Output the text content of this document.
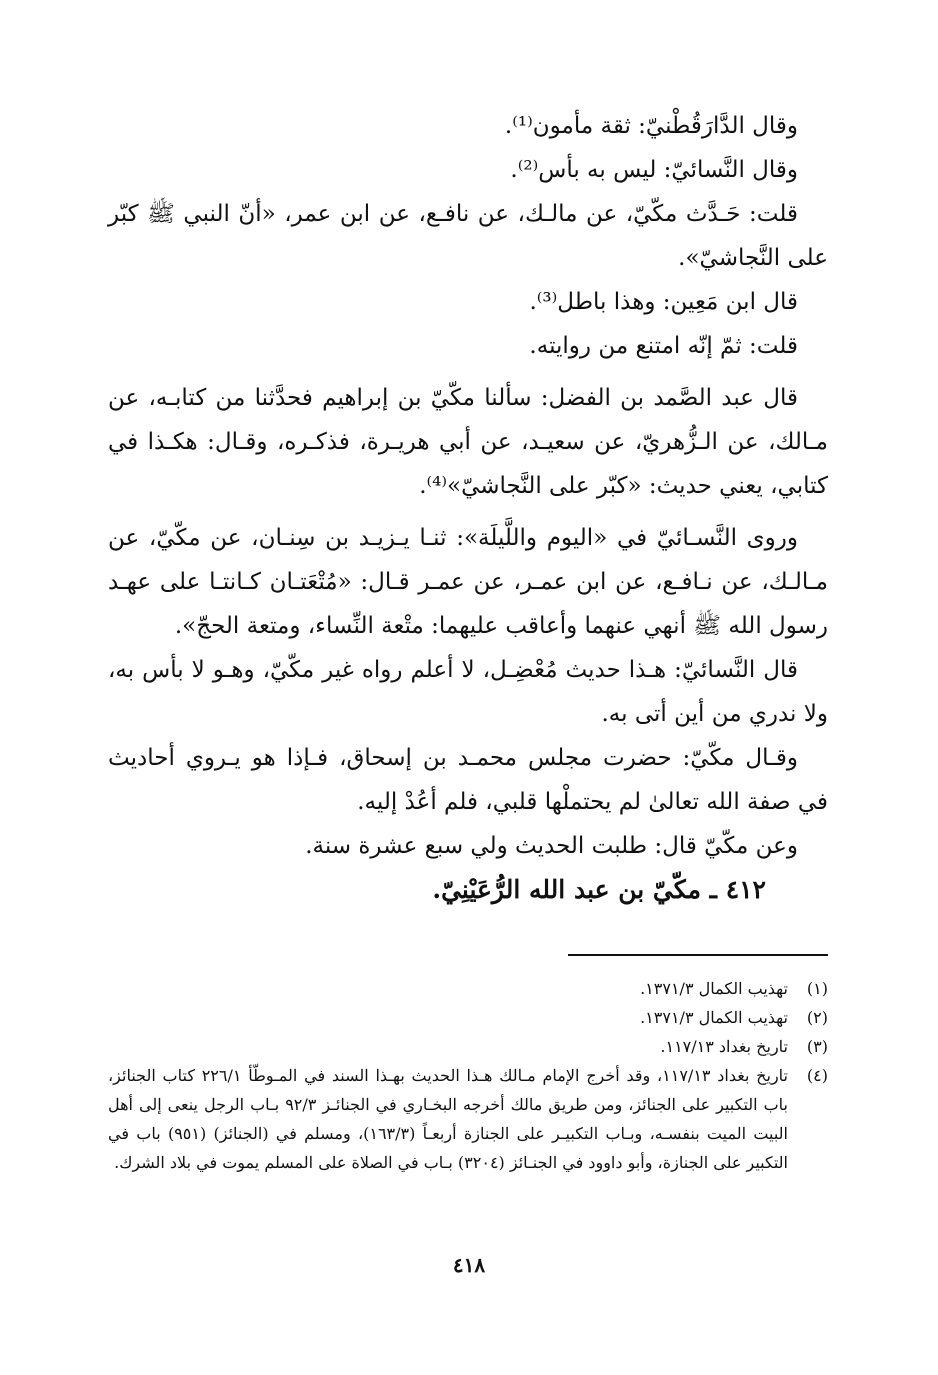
وقال الدَّارَقُطْنيّ: ثقة مأمون⁽¹⁾.

وقال النَّسائيّ: ليس به بأس⁽²⁾.

قلت: حَـدَّث مكّيّ، عن مالـك، عن نافـع، عن ابن عمر، «أنّ النبي ﷺ كبّر على النَّجاشيّ».

قال ابن مَعِين: وهذا باطل⁽³⁾.

قلت: ثمّ إنّه امتنع من روايته.

قال عبد الصَّمد بن الفضل: سألنا مكّيّ بن إبراهيم فحدَّثنا من كتابـه، عن مـالك، عن الـزُّهريّ، عن سعيـد، عن أبي هريـرة، فذكـره، وقـال: هكـذا في كتابي، يعني حديث: «كبّر على النَّجاشيّ»⁽⁴⁾.

وروى النَّسـائيّ في «اليوم واللَّيلَة»: ثنـا يـزيـد بن سِنـان، عن مكّيّ، عن مـالـك، عن نـافـع، عن ابن عمـر، عن عمـر قـال: «مُتْعَتـان كـانتـا على عهـد رسول الله ﷺ أنهي عنهما وأعاقب عليهما: متْعة النِّساء، ومتعة الحجّ».

قال النَّسائيّ: هـذا حديث مُعْضِـل، لا أعلم رواه غير مكّيّ، وهـو لا بأس به، ولا ندري من أين أتى به.

وقـال مكّيّ: حضرت مجلس محمـد بن إسحاق، فـإذا هو يـروي أحاديث في صفة الله تعالىٰ لم يحتملْها قلبي، فلم أعُدْ إليه.

وعن مكّيّ قال: طلبت الحديث ولي سبع عشرة سنة.

٤١٢ ـ مكّيّ بن عبد الله الرُّعَيْنِيّ.
(١)
تهذيب الكمال ١٣٧١/٣.
(٢)
تهذيب الكمال ١٣٧١/٣.
(٣)
تاريخ بغداد ١١٧/١٣.
(٤)
تاريخ بغداد ١١٧/١٣، وقد أخرج الإمام مـالك هـذا الحديث بهـذا السند في المـوطّأ ٢٢٦/١ كتاب الجنائز، باب التكبير على الجنائز، ومن طريق مالك أخرجه البخـاري في الجنائـز ٩٢/٣ بـاب الرجل ينعى إلى أهل البيت الميت بنفسـه، وبـاب التكبيـر على الجنازة أربعـاً (١٦٣/٣)، ومسلم في (الجنائز) (٩٥١) باب في التكبير على الجنازة، وأبو داوود في الجنـائز (٣٢٠٤) بـاب في الصلاة على المسلم يموت في بلاد الشرك.
٤١٨
